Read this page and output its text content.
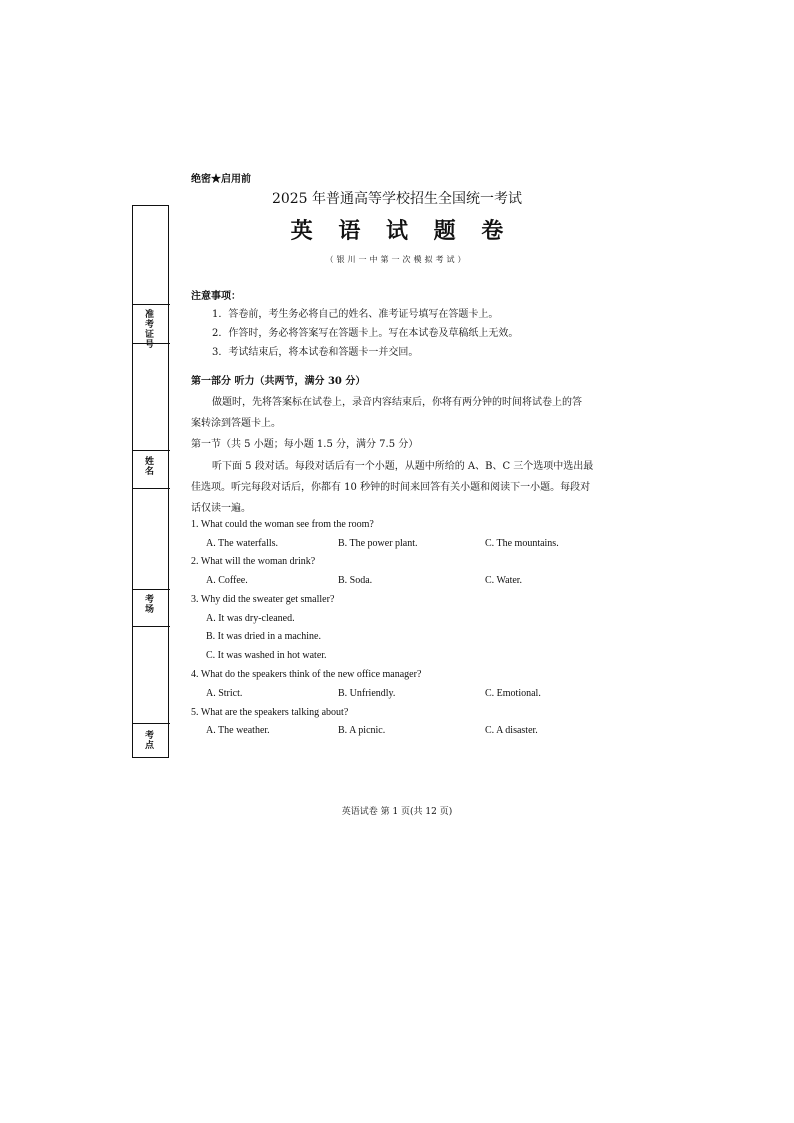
绝密★启用前
2025 年普通高等学校招生全国统一考试
英 语 试 题 卷
（银川一中第一次模拟考试）
准考证号
姓名
考场
考点
注意事项：
1．答卷前，考生务必将自己的姓名、准考证号填写在答题卡上。
2．作答时，务必将答案写在答题卡上。写在本试卷及草稿纸上无效。
3．考试结束后，将本试卷和答题卡一并交回。
第一部分 听力（共两节，满分 30 分）
做题时，先将答案标在试卷上，录音内容结束后，你将有两分钟的时间将试卷上的答
案转涂到答题卡上。
第一节（共 5 小题；每小题 1.5 分，满分 7.5 分）
听下面 5 段对话。每段对话后有一个小题，从题中所给的 A、B、C 三个选项中选出最
佳选项。听完每段对话后，你都有 10 秒钟的时间来回答有关小题和阅读下一小题。每段对
话仅读一遍。
1. What could the woman see from the room?
A. The waterfalls.	B. The power plant.	C. The mountains.
2. What will the woman drink?
A. Coffee.	B. Soda.	C. Water.
3. Why did the sweater get smaller?
A. It was dry-cleaned.
B. It was dried in a machine.
C. It was washed in hot water.
4. What do the speakers think of the new office manager?
A. Strict.	B. Unfriendly.	C. Emotional.
5. What are the speakers talking about?
A. The weather.	B. A picnic.	C. A disaster.
英语试卷 第 1 页(共 12 页)
